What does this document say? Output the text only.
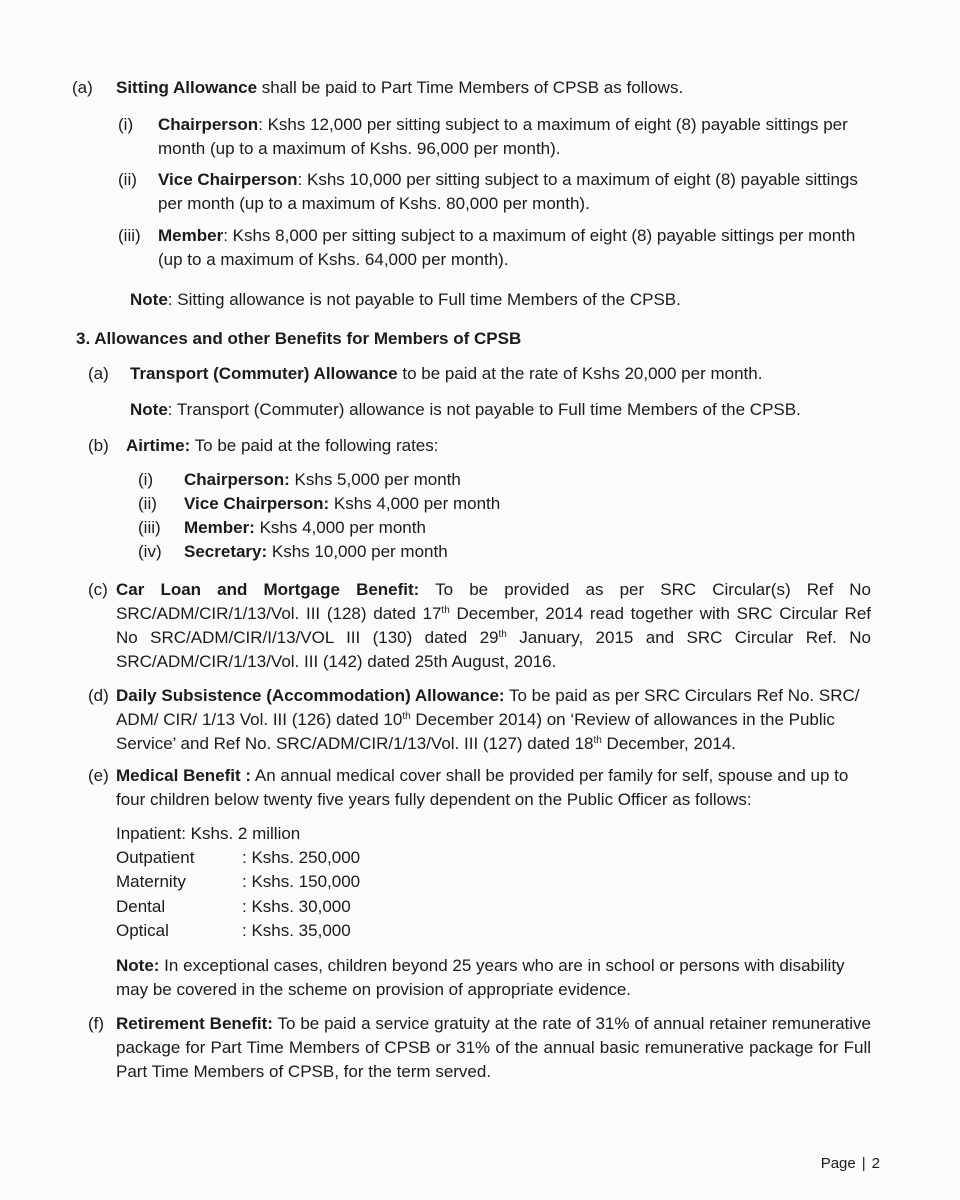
(a) Sitting Allowance shall be paid to Part Time Members of CPSB as follows.
(i) Chairperson: Kshs 12,000 per sitting subject to a maximum of eight (8) payable sittings per month (up to a maximum of Kshs. 96,000 per month).
(ii) Vice Chairperson: Kshs 10,000 per sitting subject to a maximum of eight (8) payable sittings per month (up to a maximum of Kshs. 80,000 per month).
(iii) Member: Kshs 8,000 per sitting subject to a maximum of eight (8) payable sittings per month (up to a maximum of Kshs. 64,000 per month).
Note: Sitting allowance is not payable to Full time Members of the CPSB.
3. Allowances and other Benefits for Members of CPSB
(a) Transport (Commuter) Allowance to be paid at the rate of Kshs 20,000 per month.
Note: Transport (Commuter) allowance is not payable to Full time Members of the CPSB.
(b) Airtime: To be paid at the following rates:
(i) Chairperson: Kshs 5,000 per month
(ii) Vice Chairperson: Kshs 4,000 per month
(iii) Member: Kshs 4,000 per month
(iv) Secretary: Kshs 10,000 per month
(c) Car Loan and Mortgage Benefit: To be provided as per SRC Circular(s) Ref No SRC/ADM/CIR/1/13/Vol. III (128) dated 17th December, 2014 read together with SRC Circular Ref No SRC/ADM/CIR/I/13/VOL III (130) dated 29th January, 2015 and SRC Circular Ref. No SRC/ADM/CIR/1/13/Vol. III (142) dated 25th August, 2016.
(d) Daily Subsistence (Accommodation) Allowance: To be paid as per SRC Circulars Ref No. SRC/ ADM/ CIR/ 1/13 Vol. III (126) dated 10th December 2014) on ‘Review of allowances in the Public Service’ and Ref No. SRC/ADM/CIR/1/13/Vol. III (127) dated 18th December, 2014.
(e) Medical Benefit : An annual medical cover shall be provided per family for self, spouse and up to four children below twenty five years fully dependent on the Public Officer as follows:
Inpatient: Kshs. 2 million
Outpatient	: Kshs. 250,000
Maternity	: Kshs. 150,000
Dental	: Kshs. 30,000
Optical	: Kshs. 35,000
Note: In exceptional cases, children beyond 25 years who are in school or persons with disability may be covered in the scheme on provision of appropriate evidence.
(f) Retirement Benefit: To be paid a service gratuity at the rate of 31% of annual retainer remunerative package for Part Time Members of CPSB or 31% of the annual basic remunerative package for Full Part Time Members of CPSB, for the term served.
Page | 2
